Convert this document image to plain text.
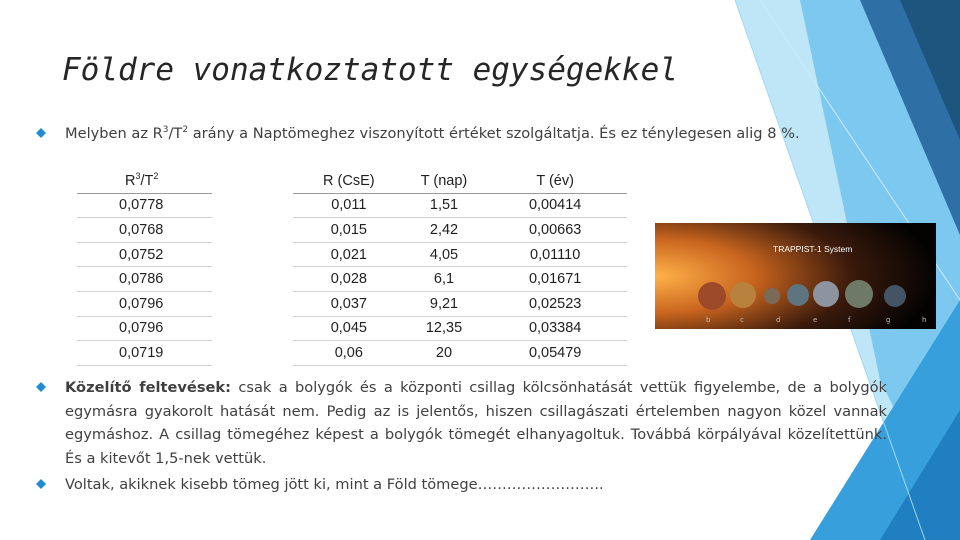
Földre vonatkoztatott egységekkel
Melyben az $R^3/T^2$ arány a Naptömeghez viszonyított értéket szolgáltatja. És ez ténylegesen alig 8 %.
$R^3/T^2$
0,0778
0,0768
0,0752
0,0786
0,0796
0,0796
0,0719
R (CsE)	T (nap)	T (év)
0,011	1,51	0,00414
0,015	2,42	0,00663
0,021	4,05	0,01110
0,028	6,1	0,01671
0,037	9,21	0,02523
0,045	12,35	0,03384
0,06	20	0,05479
TRAPPIST-1 System
b	c	d	e	f	g	h
Közelítő feltevések: csak a bolygók és a központi csillag kölcsönhatását vettük figyelembe, de a bolygók egymásra gyakorolt hatását nem. Pedig az is jelentős, hiszen csillagászati értelemben nagyon közel vannak egymáshoz. A csillag tömegéhez képest a bolygók tömegét elhanyagoltuk. Továbbá körpályával közelítettünk. És a kitevőt 1,5-nek vettük.
Voltak, akiknek kisebb tömeg jött ki, mint a Föld tömege……………………..
